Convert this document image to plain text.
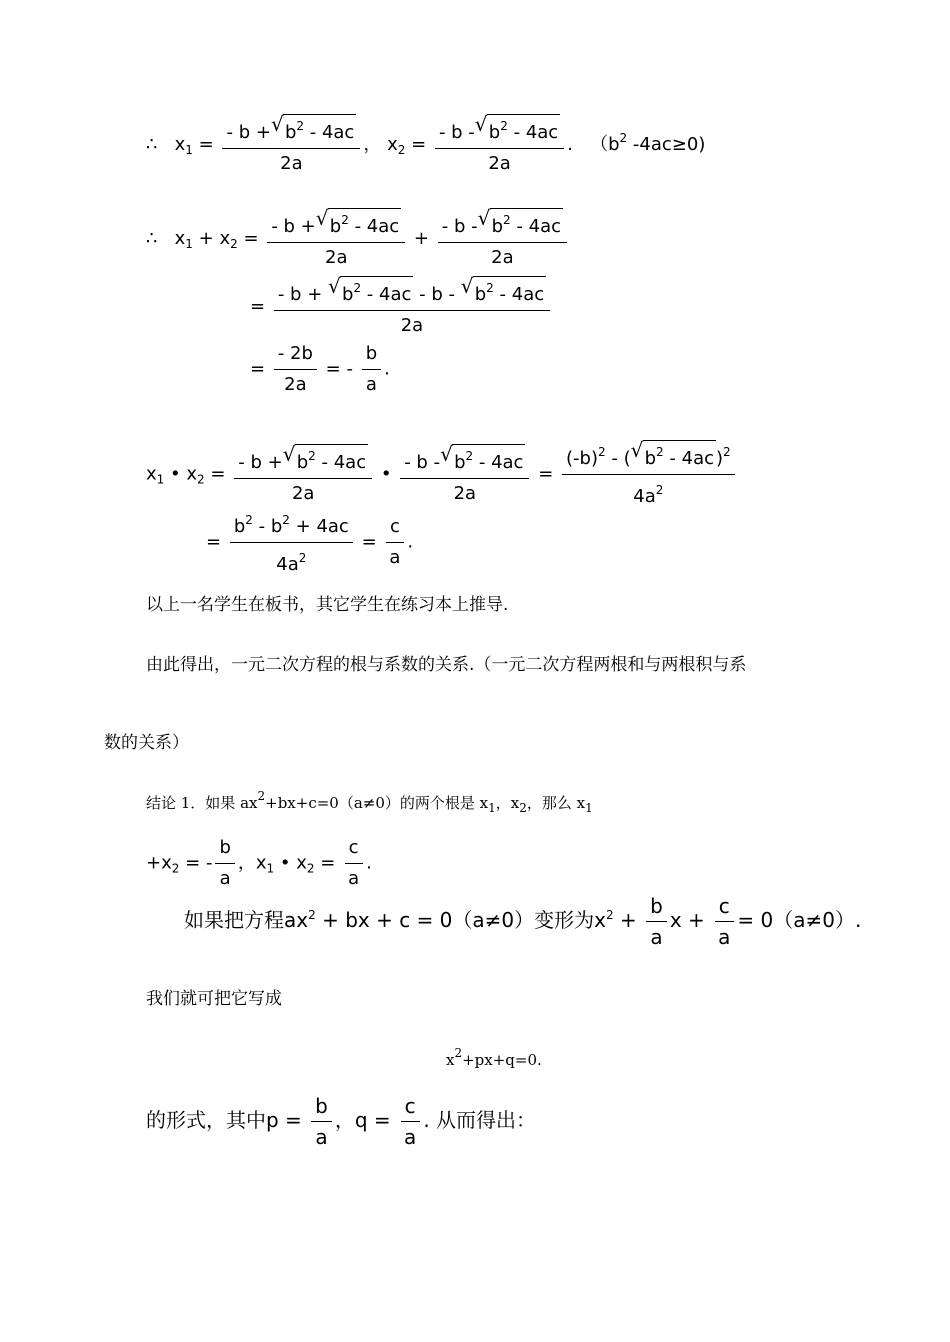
∴ $x_1 = \frac{- b + √ b^2 - 4ac}{2a}$ ， $x_2 = \frac{- b - √ b^2 - 4ac}{2a}$ . （$b^2$ -4ac≥0)
∴ $x_1 + x_2 = \frac{- b + √ b^2 - 4ac}{2a} + \frac{- b - √ b^2 - 4ac}{2a}$
= $\frac{- b + √ b^2 - 4ac - b - √ b^2 - 4ac}{2a}$
= $\frac{- 2b}{2a}$ = - $\frac{b}{a}$ .
$x_1$ • $x_2 = \frac{- b + √ b^2 - 4ac}{2a}$ • $\frac{- b - √ b^2 - 4ac}{2a} = \frac{(-b)^2 - ( √ b^2 - 4ac )^2}{4a^2}$
= $\frac{b^2 - b^2 + 4ac}{4a^2} = \frac{c}{a}$ .
以上一名学生在板书，其它学生在练习本上推导.
由此得出，一元二次方程的根与系数的关系.（一元二次方程两根和与两根积与系
数的关系）
结论 1．如果 $ax^2+bx+c=0(a\ne 0)$的两个根是 $x_1$，$x_2$，那么 $x_1$
$+x_2$ = - $\frac{b}{a}$ ，$x_1$ • $x_2 = \frac{c}{a}$ .
如果把方程$ax^2$ + bx + c = 0（a≠0）变形为$x^2 + \frac{b}{a}$ $x + \frac{c}{a} = 0(a\ne 0)$.
我们就可把它写成
$x^2+px+q=0$.
的形式，其中$p = \frac{b}{a}$ ，$q = \frac{c}{a}$ . 从而得出：
